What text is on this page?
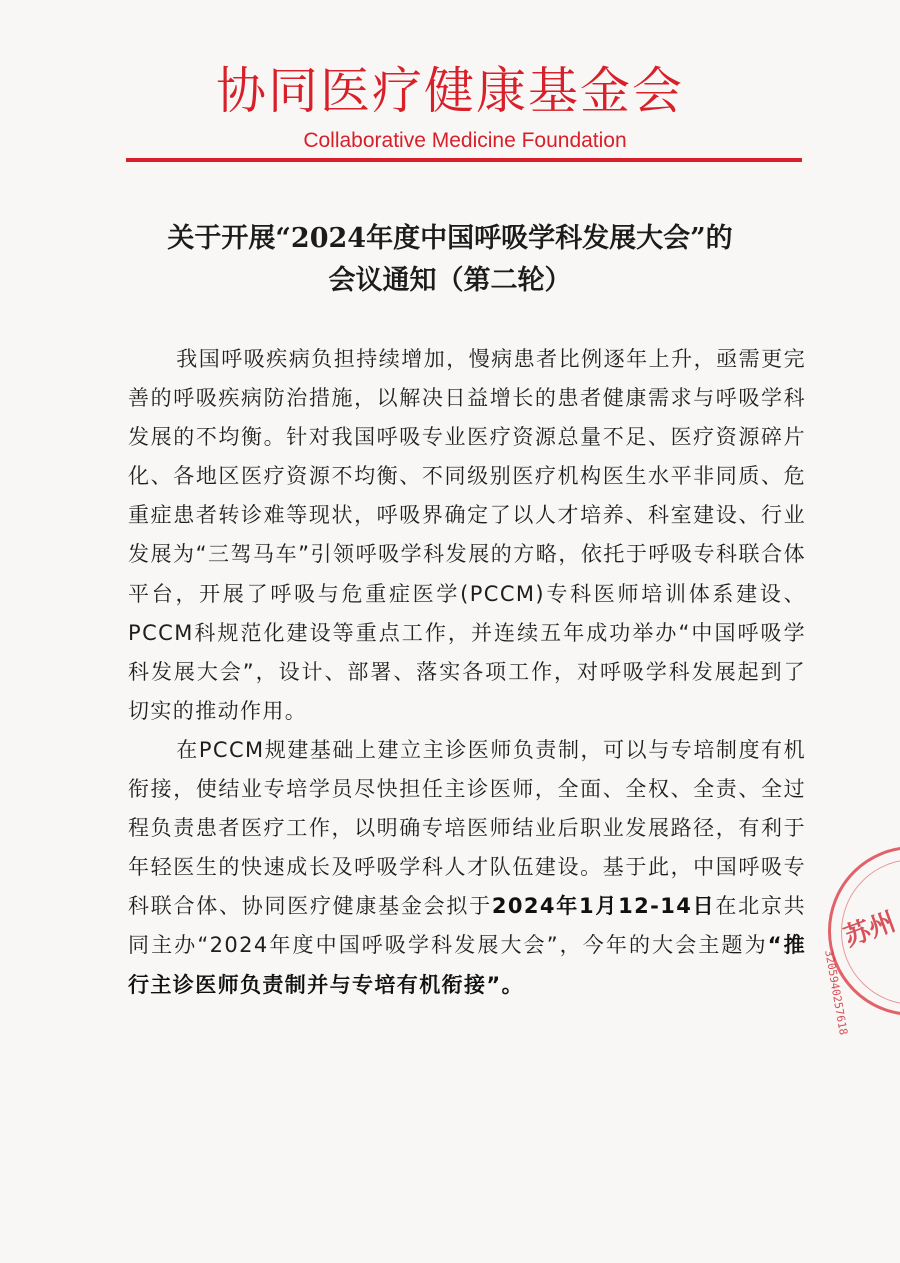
协同医疗健康基金会
Collaborative Medicine Foundation
关于开展“2024年度中国呼吸学科发展大会”的
会议通知（第二轮）

我国呼吸疾病负担持续增加，慢病患者比例逐年上升，亟需更完善的呼吸疾病防治措施，以解决日益增长的患者健康需求与呼吸学科发展的不均衡。针对我国呼吸专业医疗资源总量不足、医疗资源碎片化、各地区医疗资源不均衡、不同级别医疗机构医生水平非同质、危重症患者转诊难等现状，呼吸界确定了以人才培养、科室建设、行业发展为“三驾马车”引领呼吸学科发展的方略，依托于呼吸专科联合体平台，开展了呼吸与危重症医学(PCCM)专科医师培训体系建设、PCCM科规范化建设等重点工作，并连续五年成功举办“中国呼吸学科发展大会”，设计、部署、落实各项工作，对呼吸学科发展起到了切实的推动作用。

在PCCM规建基础上建立主诊医师负责制，可以与专培制度有机衔接，使结业专培学员尽快担任主诊医师，全面、全权、全责、全过程负责患者医疗工作，以明确专培医师结业后职业发展路径，有利于年轻医生的快速成长及呼吸学科人才队伍建设。基于此，中国呼吸专科联合体、协同医疗健康基金会拟于2024年1月12-14日在北京共同主办“2024年度中国呼吸学科发展大会”，今年的大会主题为“推行主诊医师负责制并与专培有机衔接”。

苏州
3205940257618
